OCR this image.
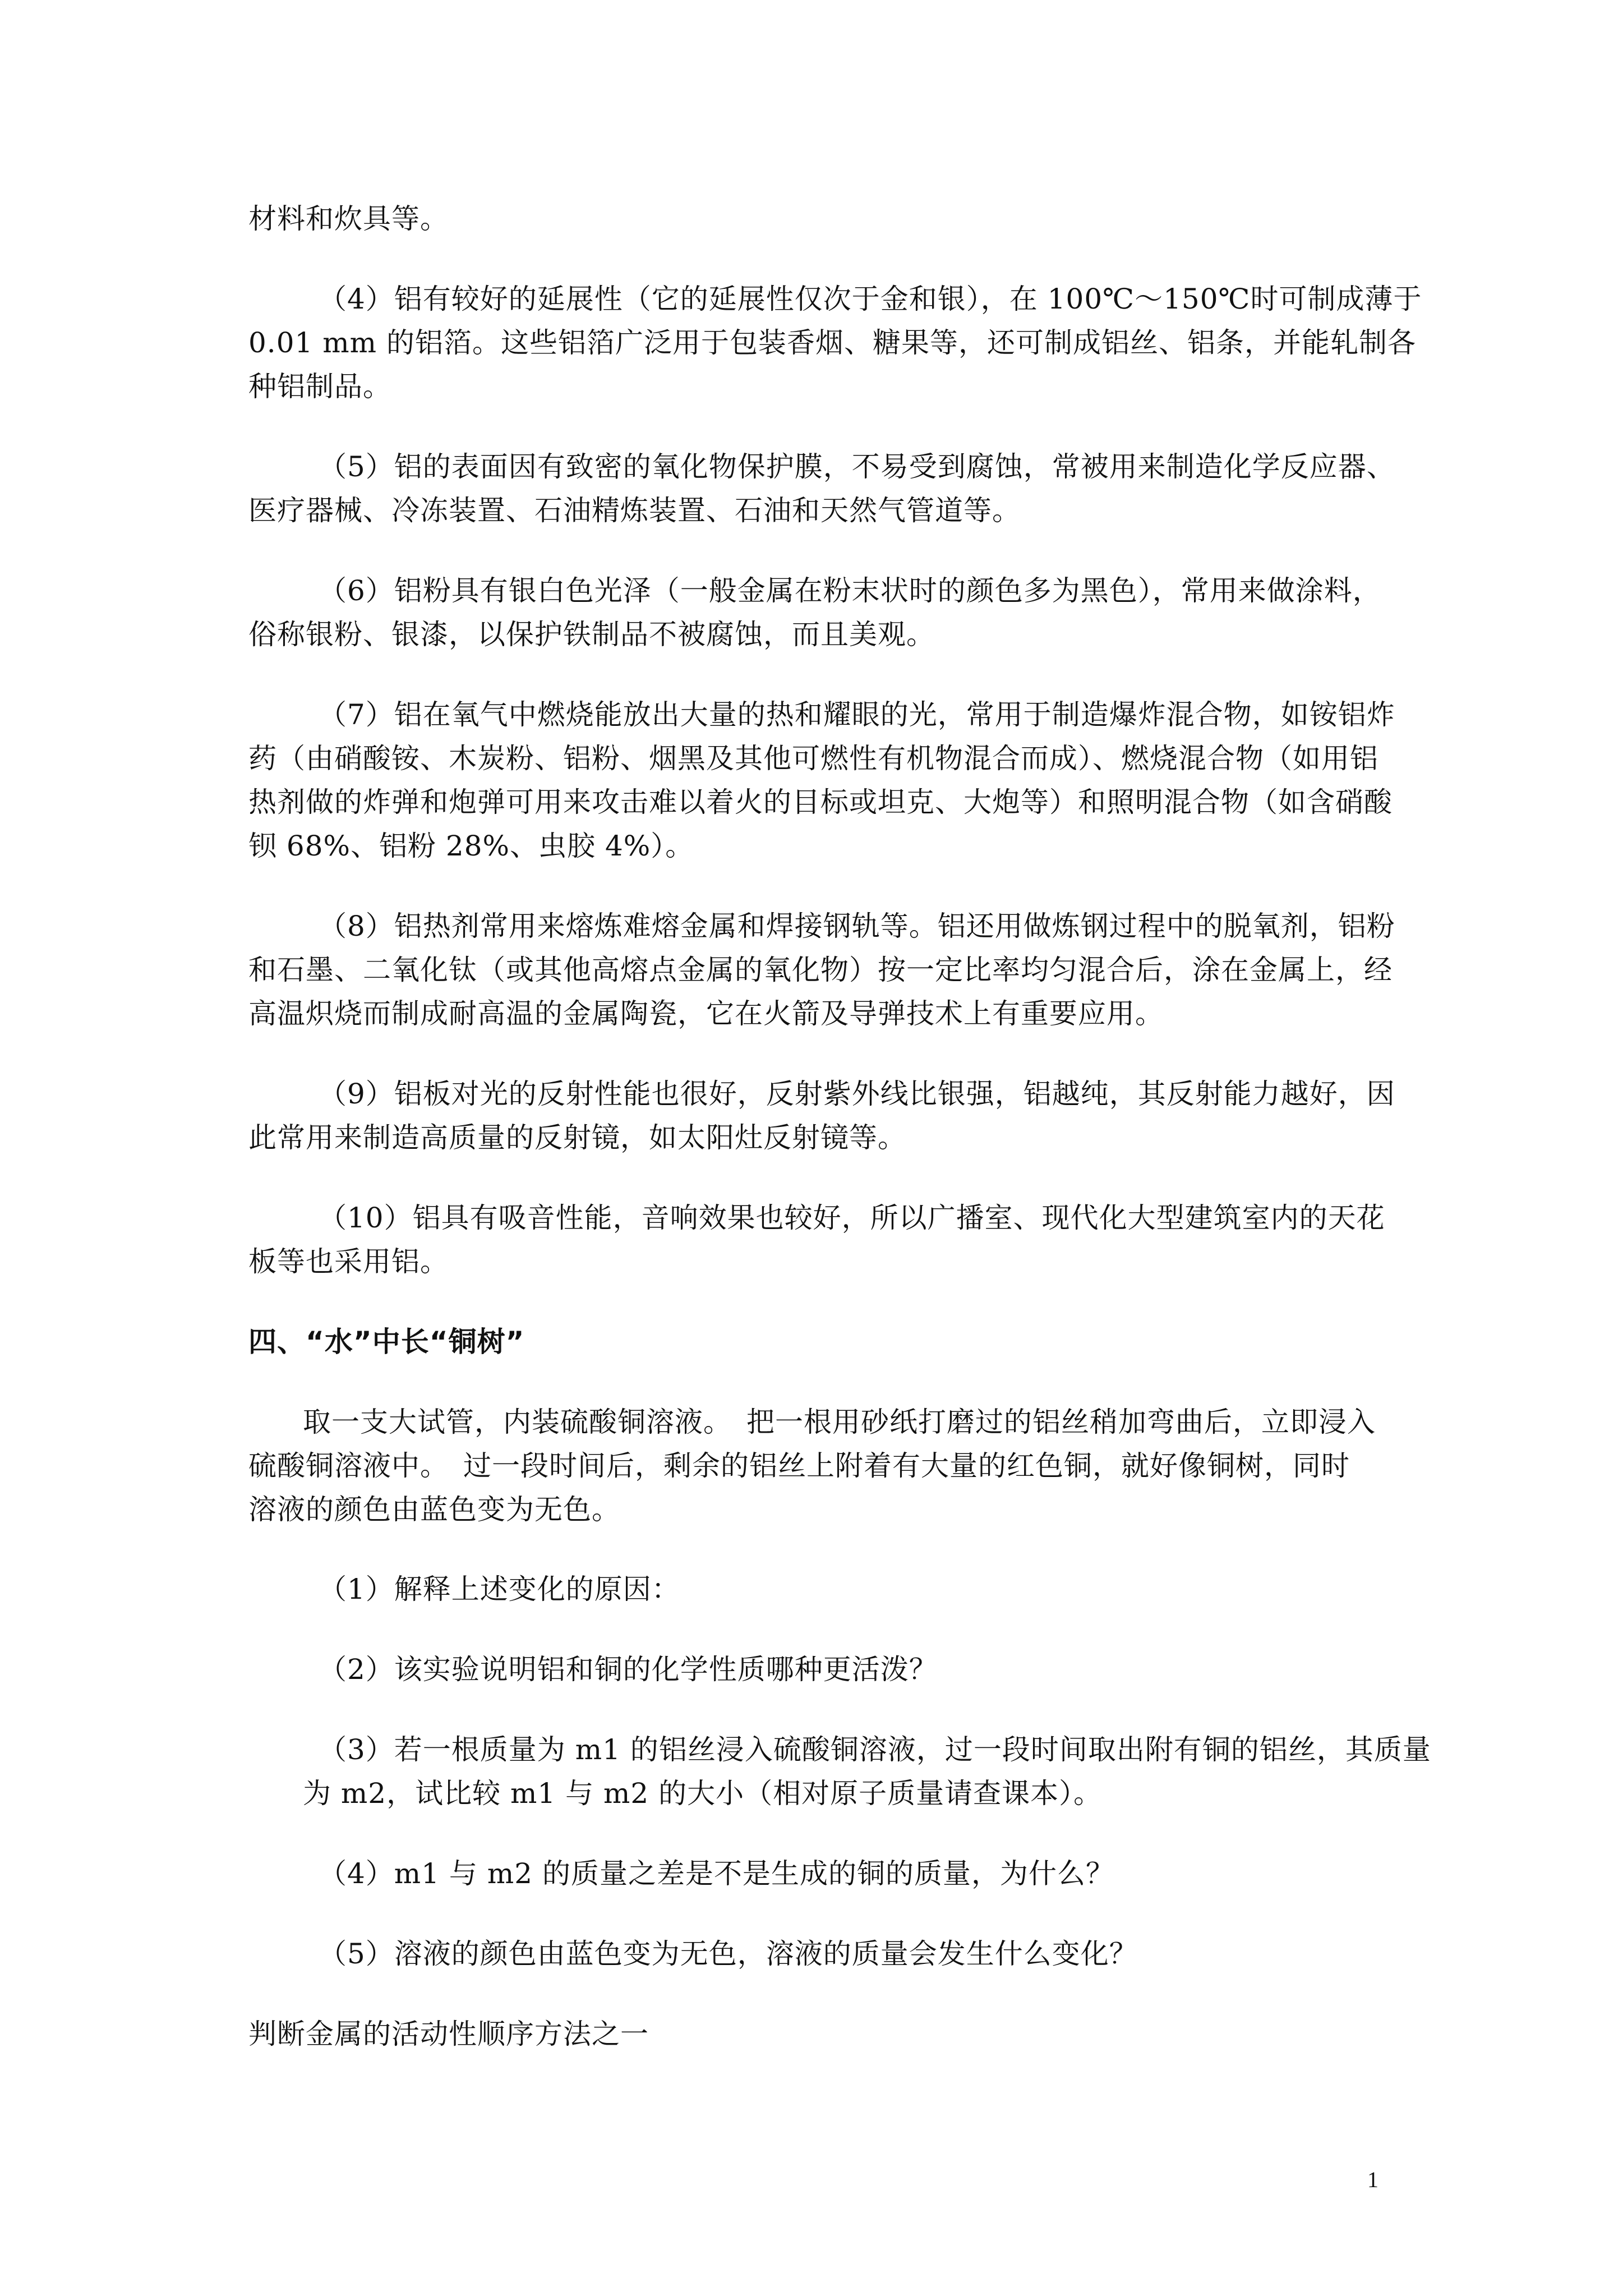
材料和炊具等。
（4）铝有较好的延展性（它的延展性仅次于金和银），在 100℃～150℃时可制成薄于
0.01 mm 的铝箔。这些铝箔广泛用于包装香烟、糖果等，还可制成铝丝、铝条，并能轧制各
种铝制品。
（5）铝的表面因有致密的氧化物保护膜，不易受到腐蚀，常被用来制造化学反应器、
医疗器械、冷冻装置、石油精炼装置、石油和天然气管道等。
（6）铝粉具有银白色光泽（一般金属在粉末状时的颜色多为黑色），常用来做涂料，
俗称银粉、银漆，以保护铁制品不被腐蚀，而且美观。
（7）铝在氧气中燃烧能放出大量的热和耀眼的光，常用于制造爆炸混合物，如铵铝炸
药（由硝酸铵、木炭粉、铝粉、烟黑及其他可燃性有机物混合而成）、燃烧混合物（如用铝
热剂做的炸弹和炮弹可用来攻击难以着火的目标或坦克、大炮等）和照明混合物（如含硝酸
钡 68%、铝粉 28%、虫胶 4%）。
（8）铝热剂常用来熔炼难熔金属和焊接钢轨等。铝还用做炼钢过程中的脱氧剂，铝粉
和石墨、二氧化钛（或其他高熔点金属的氧化物）按一定比率均匀混合后，涂在金属上，经
高温炽烧而制成耐高温的金属陶瓷，它在火箭及导弹技术上有重要应用。
（9）铝板对光的反射性能也很好，反射紫外线比银强，铝越纯，其反射能力越好，因
此常用来制造高质量的反射镜，如太阳灶反射镜等。
（10）铝具有吸音性能，音响效果也较好，所以广播室、现代化大型建筑室内的天花
板等也采用铝。
四、“水”中长“铜树”
取一支大试管，内装硫酸铜溶液。　把一根用砂纸打磨过的铝丝稍加弯曲后，立即浸入
硫酸铜溶液中。　过一段时间后，剩余的铝丝上附着有大量的红色铜，就好像铜树，同时
溶液的颜色由蓝色变为无色。
（1）解释上述变化的原因：
（2）该实验说明铝和铜的化学性质哪种更活泼？
（3）若一根质量为 m1 的铝丝浸入硫酸铜溶液，过一段时间取出附有铜的铝丝，其质量
为 m2，试比较 m1 与 m2 的大小（相对原子质量请查课本）。
（4）m1 与 m2 的质量之差是不是生成的铜的质量，为什么？
（5）溶液的颜色由蓝色变为无色，溶液的质量会发生什么变化？
判断金属的活动性顺序方法之一
1
